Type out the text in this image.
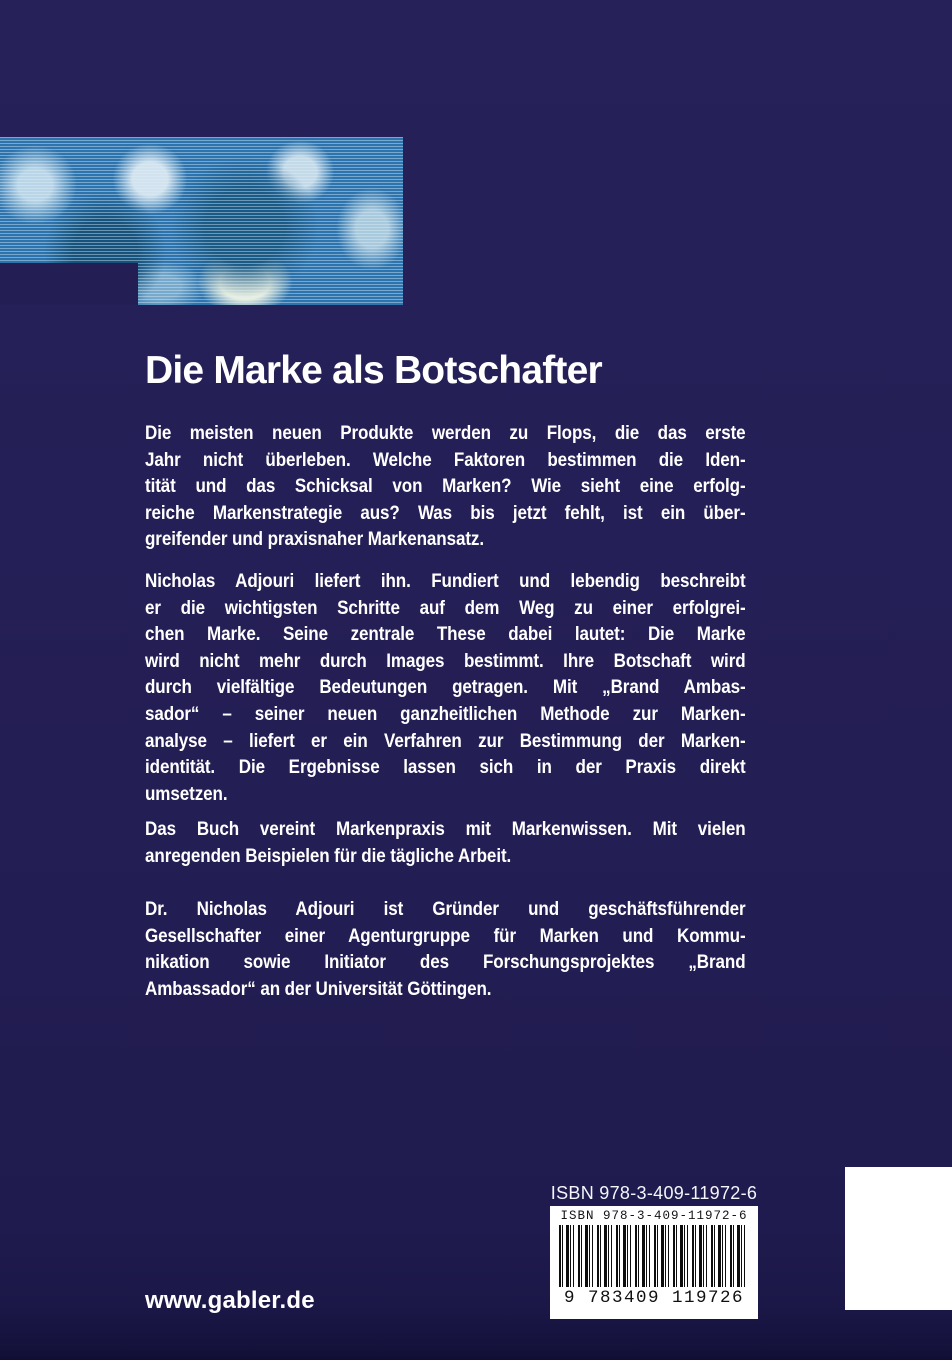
Die Marke als Botschafter

Die meisten neuen Produkte werden zu Flops, die das erste
Jahr nicht überleben. Welche Faktoren bestimmen die Iden-
tität und das Schicksal von Marken? Wie sieht eine erfolg-
reiche Markenstrategie aus? Was bis jetzt fehlt, ist ein über-
greifender und praxisnaher Markenansatz.

Nicholas Adjouri liefert ihn. Fundiert und lebendig beschreibt
er die wichtigsten Schritte auf dem Weg zu einer erfolgrei-
chen Marke. Seine zentrale These dabei lautet: Die Marke
wird nicht mehr durch Images bestimmt. Ihre Botschaft wird
durch vielfältige Bedeutungen getragen. Mit „Brand Ambas-
sador“ – seiner neuen ganzheitlichen Methode zur Marken-
analyse – liefert er ein Verfahren zur Bestimmung der Marken-
identität. Die Ergebnisse lassen sich in der Praxis direkt
umsetzen.

Das Buch vereint Markenpraxis mit Markenwissen. Mit vielen
anregenden Beispielen für die tägliche Arbeit.

Dr. Nicholas Adjouri ist Gründer und geschäftsführender
Gesellschafter einer Agenturgruppe für Marken und Kommu-
nikation sowie Initiator des Forschungsprojektes „Brand
Ambassador“ an der Universität Göttingen.

www.gabler.de
ISBN 978-3-409-11972-6
ISBN 978-3-409-11972-6
9 783409 119726
